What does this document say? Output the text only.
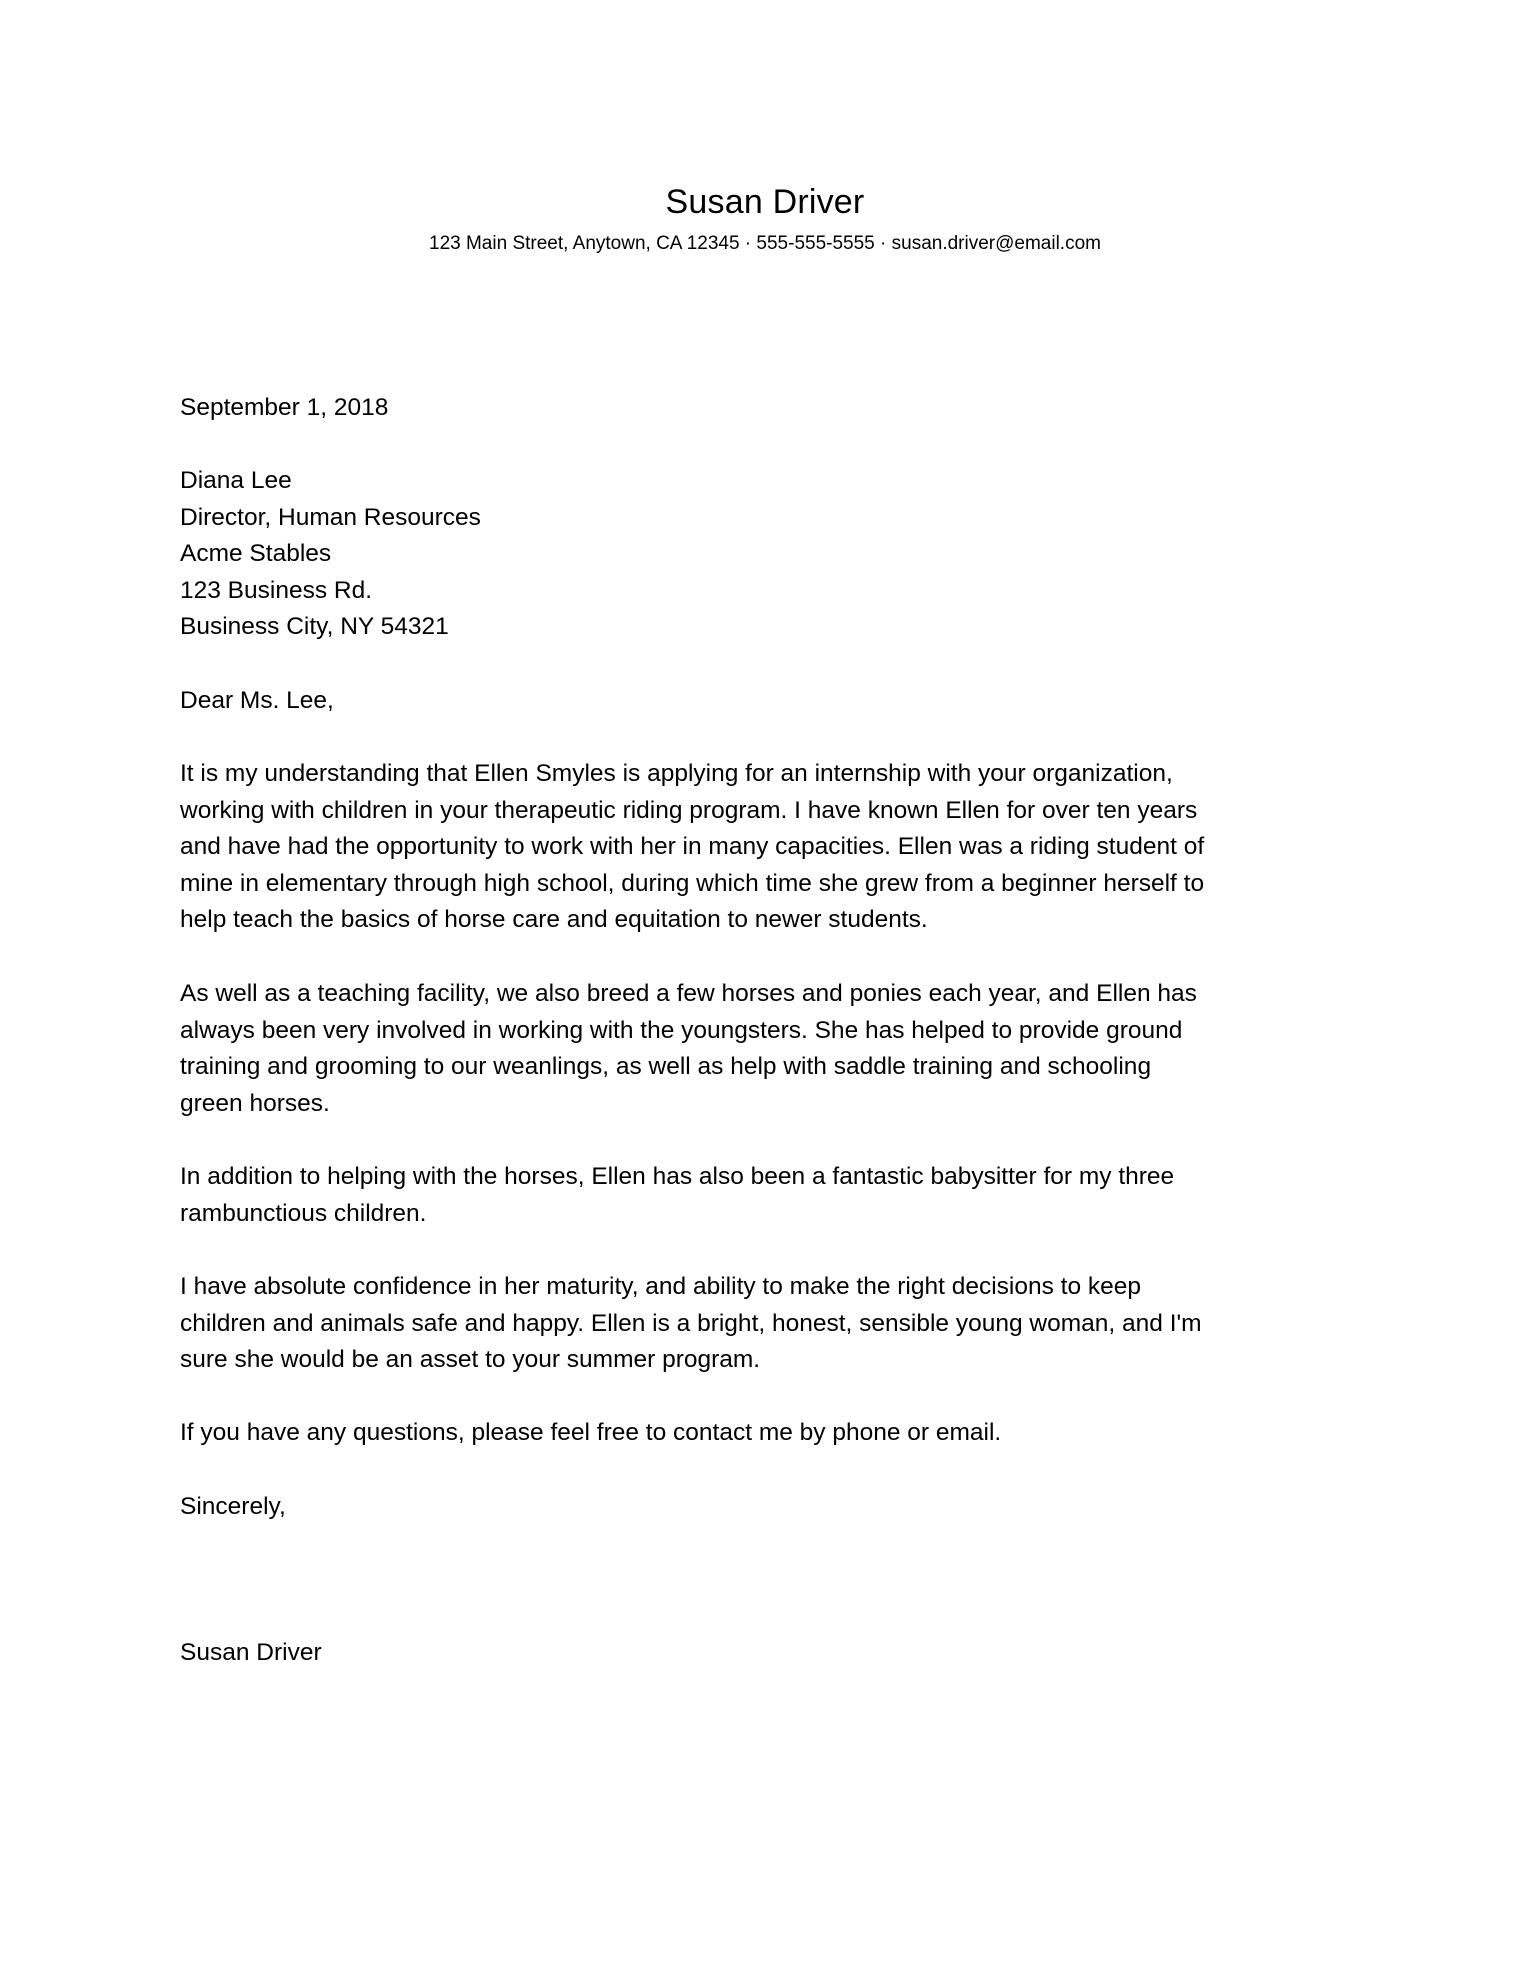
Susan Driver
123 Main Street, Anytown, CA 12345 · 555-555-5555 · susan.driver@email.com
September 1, 2018
Diana Lee
Director, Human Resources
Acme Stables
123 Business Rd.
Business City, NY 54321
Dear Ms. Lee,
It is my understanding that Ellen Smyles is applying for an internship with your organization,
working with children in your therapeutic riding program. I have known Ellen for over ten years
and have had the opportunity to work with her in many capacities. Ellen was a riding student of
mine in elementary through high school, during which time she grew from a beginner herself to
help teach the basics of horse care and equitation to newer students.
As well as a teaching facility, we also breed a few horses and ponies each year, and Ellen has
always been very involved in working with the youngsters. She has helped to provide ground
training and grooming to our weanlings, as well as help with saddle training and schooling
green horses.
In addition to helping with the horses, Ellen has also been a fantastic babysitter for my three
rambunctious children.
I have absolute confidence in her maturity, and ability to make the right decisions to keep
children and animals safe and happy. Ellen is a bright, honest, sensible young woman, and I'm
sure she would be an asset to your summer program.
If you have any questions, please feel free to contact me by phone or email.
Sincerely,
Susan Driver
